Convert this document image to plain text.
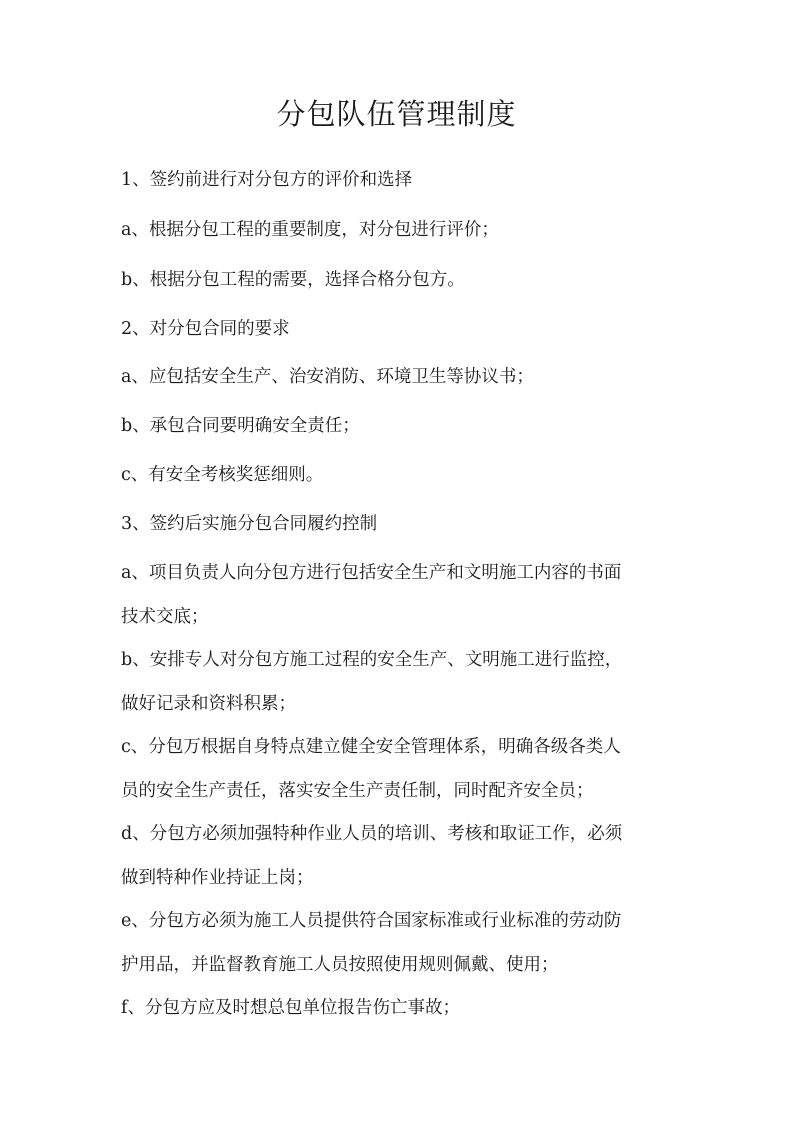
分包队伍管理制度
1、签约前进行对分包方的评价和选择
a、根据分包工程的重要制度，对分包进行评价；
b、根据分包工程的需要，选择合格分包方。
2、对分包合同的要求
a、应包括安全生产、治安消防、环境卫生等协议书；
b、承包合同要明确安全责任；
c、有安全考核奖惩细则。
3、签约后实施分包合同履约控制
a、项目负责人向分包方进行包括安全生产和文明施工内容的书面
技术交底；
b、安排专人对分包方施工过程的安全生产、文明施工进行监控，
做好记录和资料积累；
c、分包万根据自身特点建立健全安全管理体系，明确各级各类人
员的安全生产责任，落实安全生产责任制，同时配齐安全员；
d、分包方必须加强特种作业人员的培训、考核和取证工作，必须
做到特种作业持证上岗；
e、分包方必须为施工人员提供符合国家标准或行业标准的劳动防
护用品，并监督教育施工人员按照使用规则佩戴、使用；
f、分包方应及时想总包单位报告伤亡事故；
